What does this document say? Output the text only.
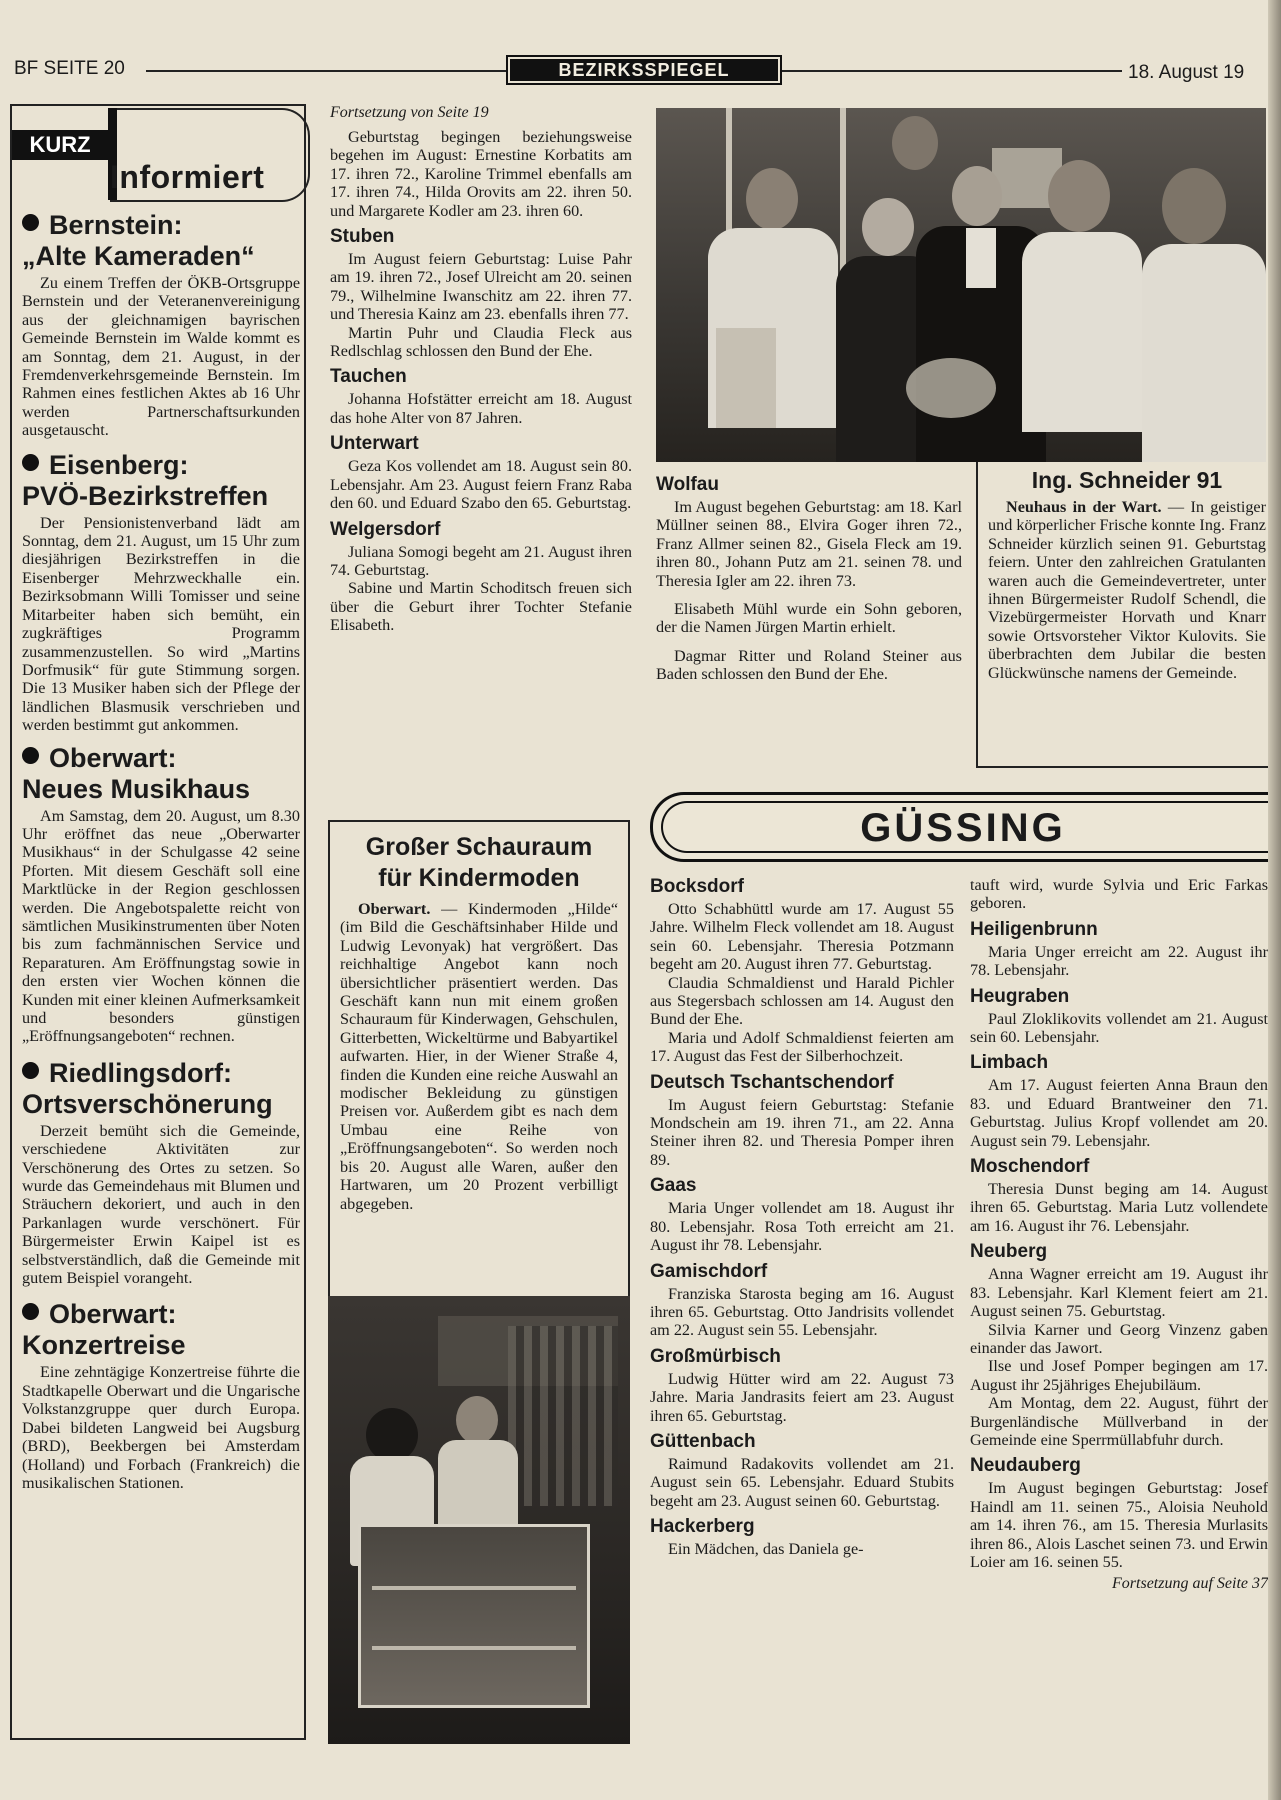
BF SEITE 20	BEZIRKSSPIEGEL	18. August 19
KURZ
Informiert
Bernstein:
„Alte Kameraden“

Zu einem Treffen der ÖKB-Ortsgruppe Bernstein und der Veteranenvereinigung aus der gleichnamigen bayrischen Gemeinde Bernstein im Walde kommt es am Sonntag, dem 21. August, in der Fremdenverkehrsgemeinde Bernstein. Im Rahmen eines festlichen Aktes ab 16 Uhr werden Partnerschaftsurkunden ausgetauscht.

Eisenberg:
PVÖ-Bezirkstreffen

Der Pensionistenverband lädt am Sonntag, dem 21. August, um 15 Uhr zum diesjährigen Bezirkstreffen in die Eisenberger Mehrzweckhalle ein. Bezirksobmann Willi Tomisser und seine Mitarbeiter haben sich bemüht, ein zugkräftiges Programm zusammenzustellen. So wird „Martins Dorfmusik“ für gute Stimmung sorgen. Die 13 Musiker haben sich der Pflege der ländlichen Blasmusik verschrieben und werden bestimmt gut ankommen.

Oberwart:
Neues Musikhaus

Am Samstag, dem 20. August, um 8.30 Uhr eröffnet das neue „Oberwarter Musikhaus“ in der Schulgasse 42 seine Pforten. Mit diesem Geschäft soll eine Marktlücke in der Region geschlossen werden. Die Angebotspalette reicht von sämtlichen Musikinstrumenten über Noten bis zum fachmännischen Service und Reparaturen. Am Eröffnungstag sowie in den ersten vier Wochen können die Kunden mit einer kleinen Aufmerksamkeit und besonders günstigen „Eröffnungsangeboten“ rechnen.

Riedlingsdorf:
Ortsverschönerung

Derzeit bemüht sich die Gemeinde, verschiedene Aktivitäten zur Verschönerung des Ortes zu setzen. So wurde das Gemeindehaus mit Blumen und Sträuchern dekoriert, und auch in den Parkanlagen wurde verschönert. Für Bürgermeister Erwin Kaipel ist es selbstverständlich, daß die Gemeinde mit gutem Beispiel vorangeht.

Oberwart:
Konzertreise

Eine zehntägige Konzertreise führte die Stadtkapelle Oberwart und die Ungarische Volkstanzgruppe quer durch Europa. Dabei bildeten Langweid bei Augsburg (BRD), Beekbergen bei Amsterdam (Holland) und Forbach (Frankreich) die musikalischen Stationen.

Fortsetzung von Seite 19

Geburtstag begingen beziehungsweise begehen im August: Ernestine Korbatits am 17. ihren 72., Karoline Trimmel ebenfalls am 17. ihren 74., Hilda Orovits am 22. ihren 50. und Margarete Kodler am 23. ihren 60.

Stuben

Im August feiern Geburtstag: Luise Pahr am 19. ihren 72., Josef Ulreicht am 20. seinen 79., Wilhelmine Iwanschitz am 22. ihren 77. und Theresia Kainz am 23. ebenfalls ihren 77.

Martin Puhr und Claudia Fleck aus Redlschlag schlossen den Bund der Ehe.

Tauchen

Johanna Hofstätter erreicht am 18. August das hohe Alter von 87 Jahren.

Unterwart

Geza Kos vollendet am 18. August sein 80. Lebensjahr. Am 23. August feiern Franz Raba den 60. und Eduard Szabo den 65. Geburtstag.

Welgersdorf

Juliana Somogi begeht am 21. August ihren 74. Geburtstag.

Sabine und Martin Schoditsch freuen sich über die Geburt ihrer Tochter Stefanie Elisabeth.

Großer Schauraum
für Kindermoden

Oberwart. — Kindermoden „Hilde“ (im Bild die Geschäftsinhaber Hilde und Ludwig Levonyak) hat vergrößert. Das reichhaltige Angebot kann noch übersichtlicher präsentiert werden. Das Geschäft kann nun mit einem großen Schauraum für Kinderwagen, Gehschulen, Gitterbetten, Wickeltürme und Babyartikel aufwarten. Hier, in der Wiener Straße 4, finden die Kunden eine reiche Auswahl an modischer Bekleidung zu günstigen Preisen vor. Außerdem gibt es nach dem Umbau eine Reihe von „Eröffnungsangeboten“. So werden noch bis 20. August alle Waren, außer den Hartwaren, um 20 Prozent verbilligt abgegeben.

Wolfau

Im August begehen Geburtstag: am 18. Karl Müllner seinen 88., Elvira Goger ihren 72., Franz Allmer seinen 82., Gisela Fleck am 19. ihren 80., Johann Putz am 21. seinen 78. und Theresia Igler am 22. ihren 73.

Elisabeth Mühl wurde ein Sohn geboren, der die Namen Jürgen Martin erhielt.

Dagmar Ritter und Roland Steiner aus Baden schlossen den Bund der Ehe.

Ing. Schneider 91

Neuhaus in der Wart. — In geistiger und körperlicher Frische konnte Ing. Franz Schneider kürzlich seinen 91. Geburtstag feiern. Unter den zahlreichen Gratulanten waren auch die Gemeindevertreter, unter ihnen Bürgermeister Rudolf Schendl, die Vizebürgermeister Horvath und Knarr sowie Ortsvorsteher Viktor Kulovits. Sie überbrachten dem Jubilar die besten Glückwünsche namens der Gemeinde.

GÜSSING
Bocksdorf

Otto Schabhüttl wurde am 17. August 55 Jahre. Wilhelm Fleck vollendet am 18. August sein 60. Lebensjahr. Theresia Potzmann begeht am 20. August ihren 77. Geburtstag.

Claudia Schmaldienst und Harald Pichler aus Stegersbach schlossen am 14. August den Bund der Ehe.

Maria und Adolf Schmaldienst feierten am 17. August das Fest der Silberhochzeit.

Deutsch Tschantschendorf

Im August feiern Geburtstag: Stefanie Mondschein am 19. ihren 71., am 22. Anna Steiner ihren 82. und Theresia Pomper ihren 89.

Gaas

Maria Unger vollendet am 18. August ihr 80. Lebensjahr. Rosa Toth erreicht am 21. August ihr 78. Lebensjahr.

Gamischdorf

Franziska Starosta beging am 16. August ihren 65. Geburtstag. Otto Jandrisits vollendet am 22. August sein 55. Lebensjahr.

Großmürbisch

Ludwig Hütter wird am 22. August 73 Jahre. Maria Jandrasits feiert am 23. August ihren 65. Geburtstag.

Güttenbach

Raimund Radakovits vollendet am 21. August sein 65. Lebensjahr. Eduard Stubits begeht am 23. August seinen 60. Geburtstag.

Hackerberg

Ein Mädchen, das Daniela ge-

tauft wird, wurde Sylvia und Eric Farkas geboren.

Heiligenbrunn

Maria Unger erreicht am 22. August ihr 78. Lebensjahr.

Heugraben

Paul Zloklikovits vollendet am 21. August sein 60. Lebensjahr.

Limbach

Am 17. August feierten Anna Braun den 83. und Eduard Brantweiner den 71. Geburtstag. Julius Kropf vollendet am 20. August sein 79. Lebensjahr.

Moschendorf

Theresia Dunst beging am 14. August ihren 65. Geburtstag. Maria Lutz vollendete am 16. August ihr 76. Lebensjahr.

Neuberg

Anna Wagner erreicht am 19. August ihr 83. Lebensjahr. Karl Klement feiert am 21. August seinen 75. Geburtstag.

Silvia Karner und Georg Vinzenz gaben einander das Jawort.

Ilse und Josef Pomper begingen am 17. August ihr 25jähriges Ehejubiläum.

Am Montag, dem 22. August, führt der Burgenländische Müllverband in der Gemeinde eine Sperrmüllabfuhr durch.

Neudauberg

Im August begingen Geburtstag: Josef Haindl am 11. seinen 75., Aloisia Neuhold am 14. ihren 76., am 15. Theresia Murlasits ihren 86., Alois Laschet seinen 73. und Erwin Loier am 16. seinen 55.

Fortsetzung auf Seite 37
